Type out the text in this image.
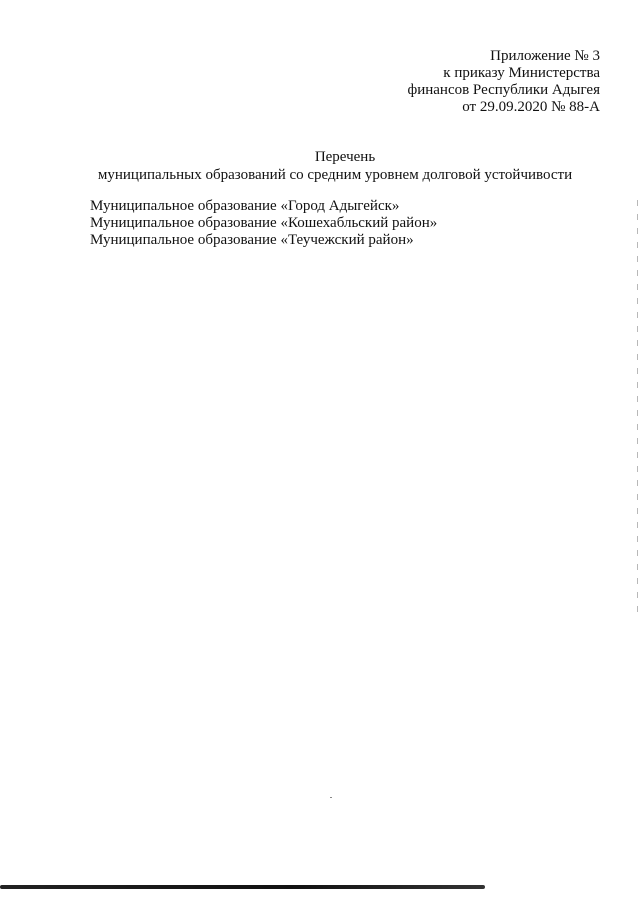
Приложение № 3
к приказу Министерства
финансов Республики Адыгея
от 29.09.2020 № 88-А
Перечень
муниципальных образований со средним уровнем долговой устойчивости
Муниципальное образование «Город Адыгейск»
Муниципальное образование «Кошехабльский район»
Муниципальное образование «Теучежский район»
